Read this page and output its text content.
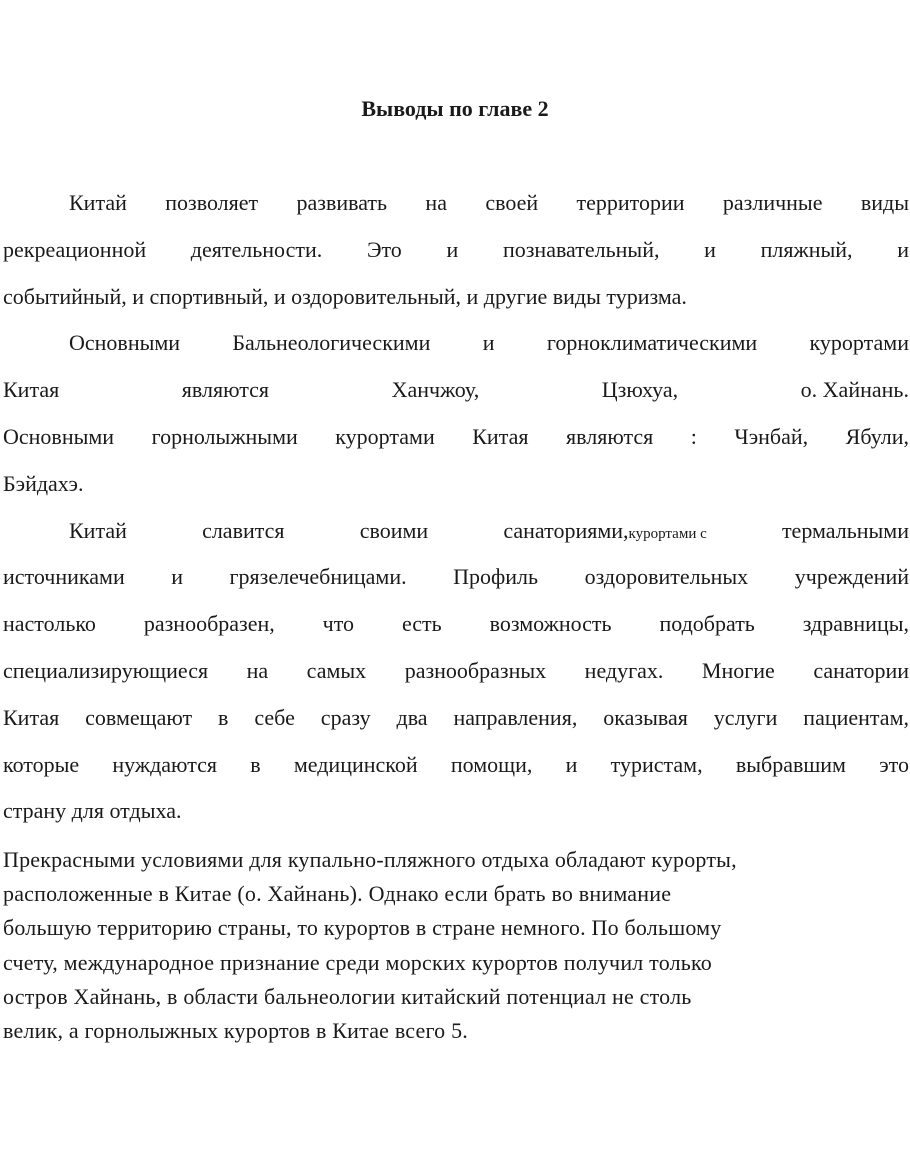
Выводы по главе 2
Китай позволяет развивать на своей территории различные виды
рекреационной деятельности. Это и познавательный, и пляжный, и
событийный, и спортивный, и оздоровительный, и другие виды туризма.
Основными Бальнеологическими и горноклиматическими курортами
Китая	являются	Ханчжоу,	Цзюхуа,	о. Хайнань.
Основными горнолыжными курортами Китая являются : Чэнбай, Ябули,
Бэйдахэ.
Китай	славится	своими	санаториями,курортами с	термальными
источниками и грязелечебницами. Профиль оздоровительных учреждений
настолько разнообразен, что есть возможность подобрать здравницы,
специализирующиеся на самых разнообразных недугах. Многие санатории
Китая совмещают в себе сразу два направления, оказывая услуги пациентам,
которые нуждаются в медицинской помощи, и туристам, выбравшим это
страну для отдыха.
Прекрасными условиями для купально-пляжного отдыха обладают курорты,
расположенные в Китае (о. Хайнань). Однако если брать во внимание
большую территорию страны, то курортов в стране немного. По большому
счету, международное признание среди морских курортов получил только
остров Хайнань, в области бальнеологии китайский потенциал не столь
велик, а горнолыжных курортов в Китае всего 5.
